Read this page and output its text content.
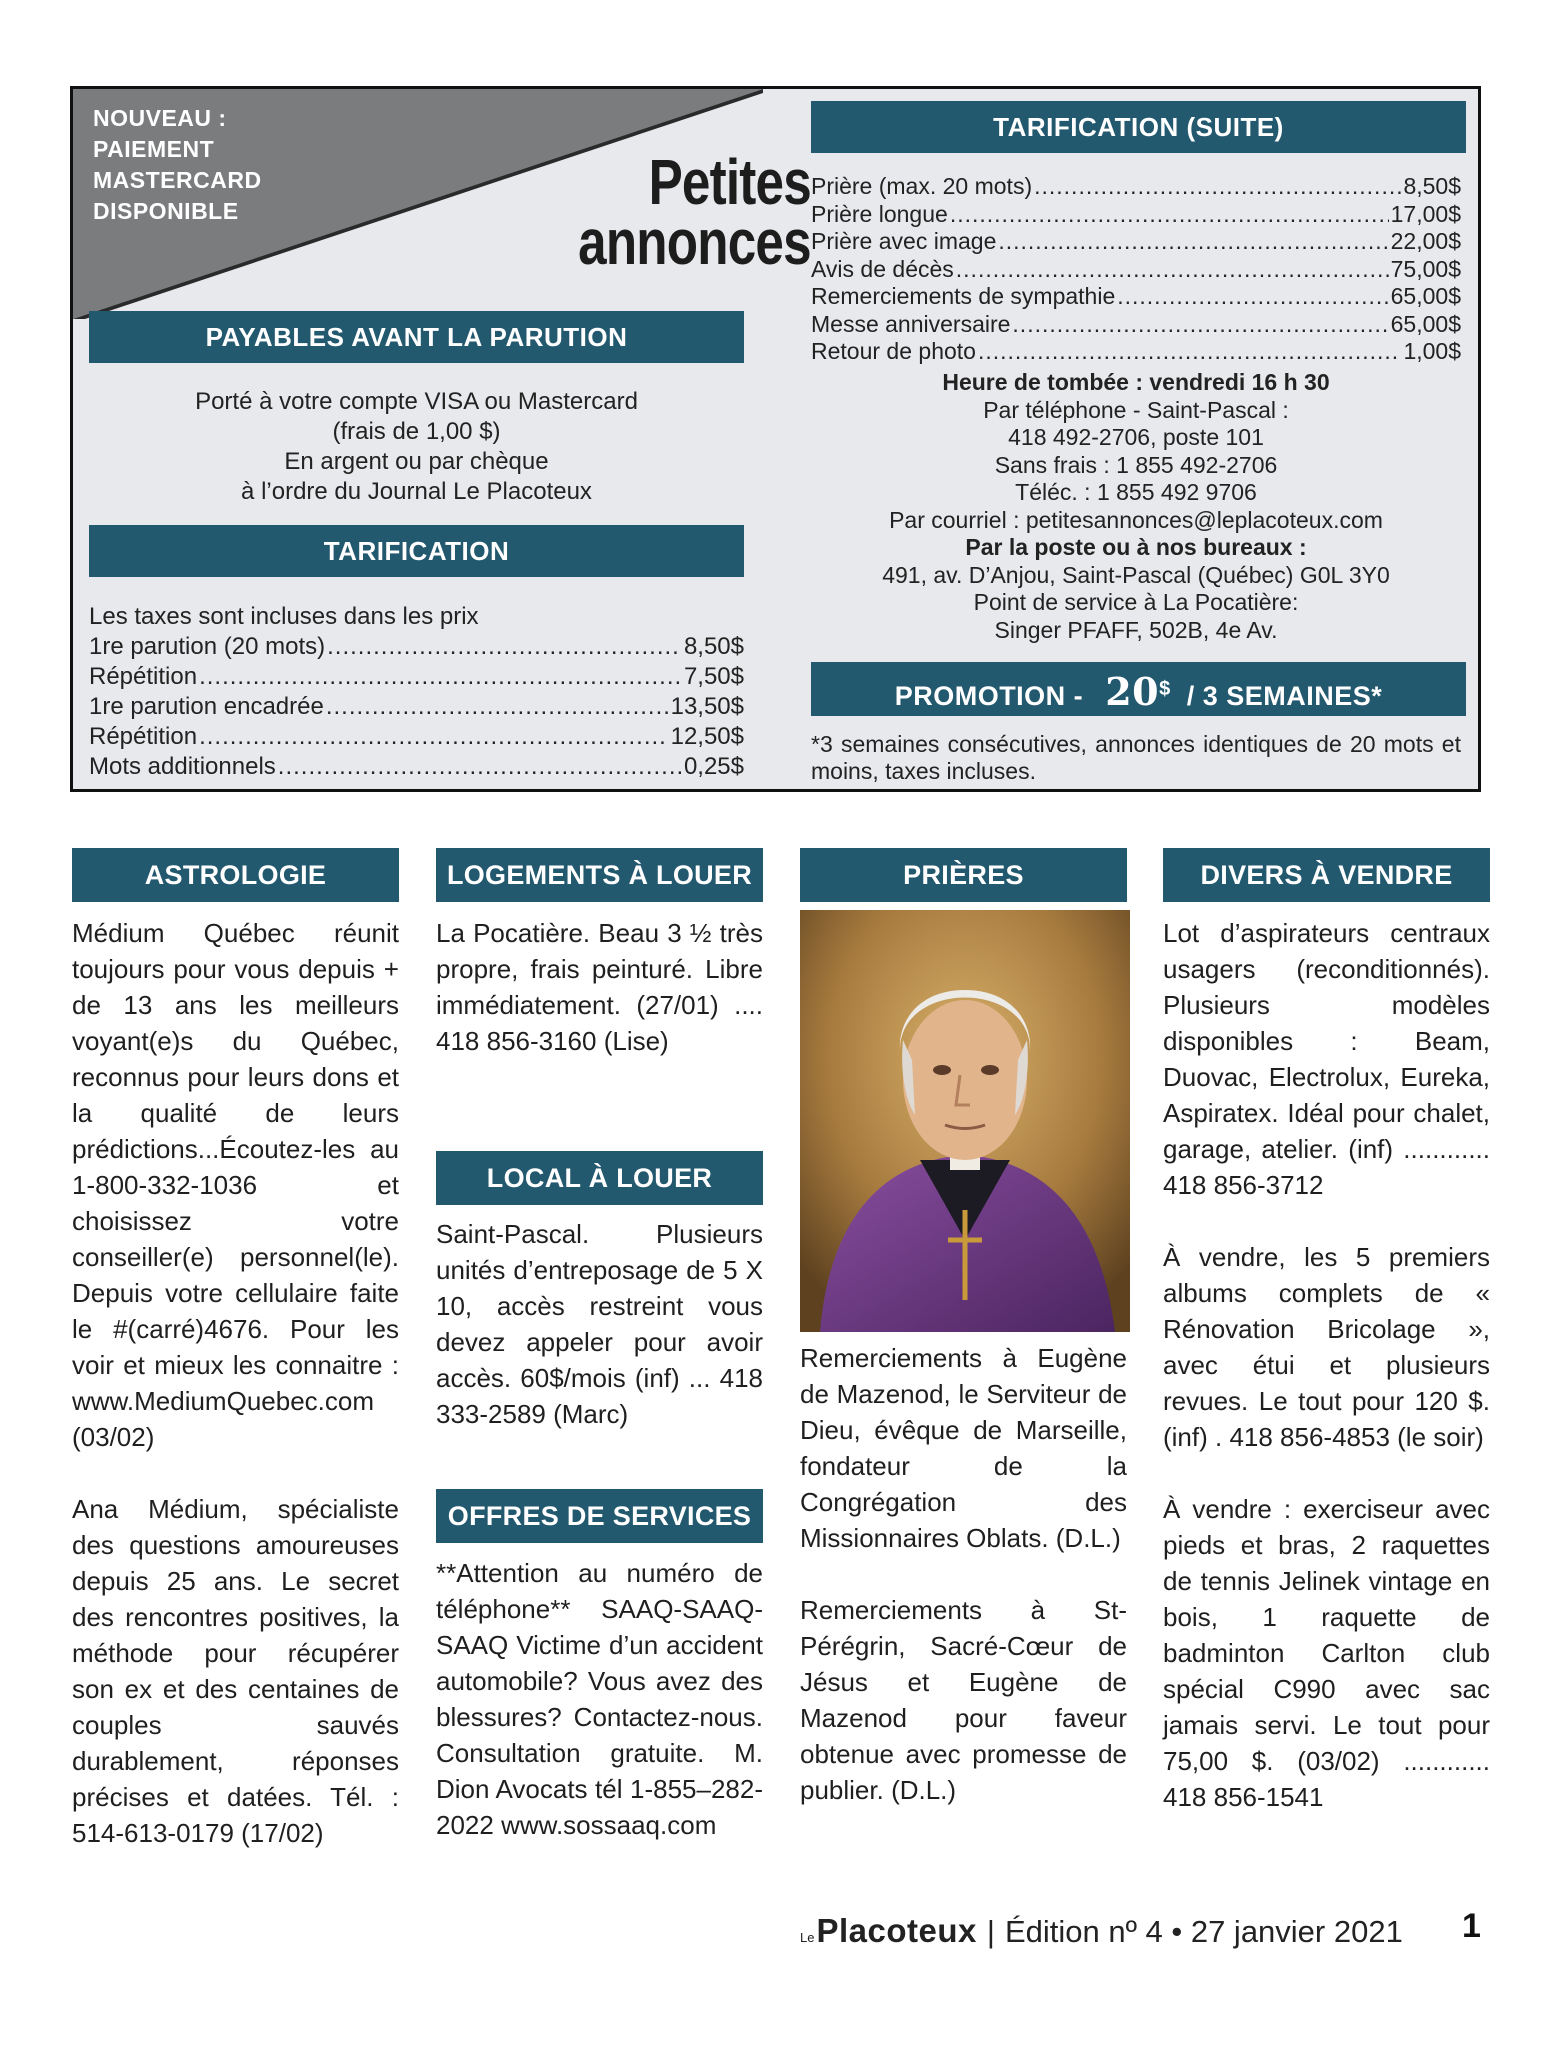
NOUVEAU :
PAIEMENT
MASTERCARD
DISPONIBLE	Petites
annonces
PAYABLES AVANT LA PARUTION
Porté à votre compte VISA ou Mastercard
(frais de 1,00 $)
En argent ou par chèque
à l’ordre du Journal Le Placoteux
TARIFICATION
Les taxes sont incluses dans les prix
1re parution (20 mots) .....	8,50$
Répétition .....	7,50$
1re parution encadrée .....	13,50$
Répétition .....	12,50$
Mots additionnels .....	0,25$
TARIFICATION (SUITE)
Prière (max. 20 mots) .....	8,50$
Prière longue .....	17,00$
Prière avec image .....	22,00$
Avis de décès .....	75,00$
Remerciements de sympathie .....	65,00$
Messe anniversaire .....	65,00$
Retour de photo .....	1,00$
Heure de tombée : vendredi 16 h 30
Par téléphone - Saint-Pascal :
418 492-2706, poste 101
Sans frais : 1 855 492-2706
Téléc. : 1 855 492 9706
Par courriel : petitesannonces@leplacoteux.com
Par la poste ou à nos bureaux :
491, av. D’Anjou, Saint-Pascal (Québec) G0L 3Y0
Point de service à La Pocatière:
Singer PFAFF, 502B, 4e Av.
PROMOTION - 20$ / 3 SEMAINES*
*3 semaines consécutives, annonces identiques de 20 mots et moins, taxes incluses.
ASTROLOGIE

Médium Québec réunit toujours pour vous depuis + de 13 ans les meilleurs voyant(e)s du Québec, reconnus pour leurs dons et la qualité de leurs prédictions...Écoutez-les au 1-800-332-1036 et choisissez votre conseiller(e) personnel(le). Depuis votre cellulaire faite le #(carré)4676. Pour les voir et mieux les connaitre : www.MediumQuebec.com (03/02)

Ana Médium, spécialiste des questions amoureuses depuis 25 ans. Le secret des rencontres positives, la méthode pour récupérer son ex et des centaines de couples sauvés durablement, réponses précises et datées. Tél. : 514-613-0179 (17/02)

LOGEMENTS À LOUER

La Pocatière. Beau 3 ½ très propre, frais peinturé. Libre immédiatement. (27/01) .... 418 856-3160 (Lise)

LOCAL À LOUER

Saint-Pascal. Plusieurs unités d’entreposage de 5 X 10, accès restreint vous devez appeler pour avoir accès. 60$/mois (inf) ... 418 333-2589 (Marc)

OFFRES DE SERVICES

**Attention au numéro de téléphone** SAAQ-SAAQ-SAAQ Victime d’un accident automobile? Vous avez des blessures? Contactez-nous. Consultation gratuite. M. Dion Avocats tél 1-855–282-2022 www.sossaaq.com

PRIÈRES

Remerciements à Eugène de Mazenod, le Serviteur de Dieu, évêque de Marseille, fondateur de la Congrégation des Missionnaires Oblats. (D.L.)

Remerciements à St-Pérégrin, Sacré-Cœur de Jésus et Eugène de Mazenod pour faveur obtenue avec promesse de publier. (D.L.)

DIVERS À VENDRE

Lot d’aspirateurs centraux usagers (reconditionnés). Plusieurs modèles disponibles : Beam, Duovac, Electrolux, Eureka, Aspiratex. Idéal pour chalet, garage, atelier. (inf) ............ 418 856-3712

À vendre, les 5 premiers albums complets de « Rénovation Bricolage », avec étui et plusieurs revues. Le tout pour 120 $. (inf) . 418 856-4853 (le soir)

À vendre : exerciseur avec pieds et bras, 2 raquettes de tennis Jelinek vintage en bois, 1 raquette de badminton Carlton club spécial C990 avec sac jamais servi. Le tout pour 75,00 $. (03/02) ............ 418 856-1541

LePlacoteux | Édition nº 4 • 27 janvier 2021 1
